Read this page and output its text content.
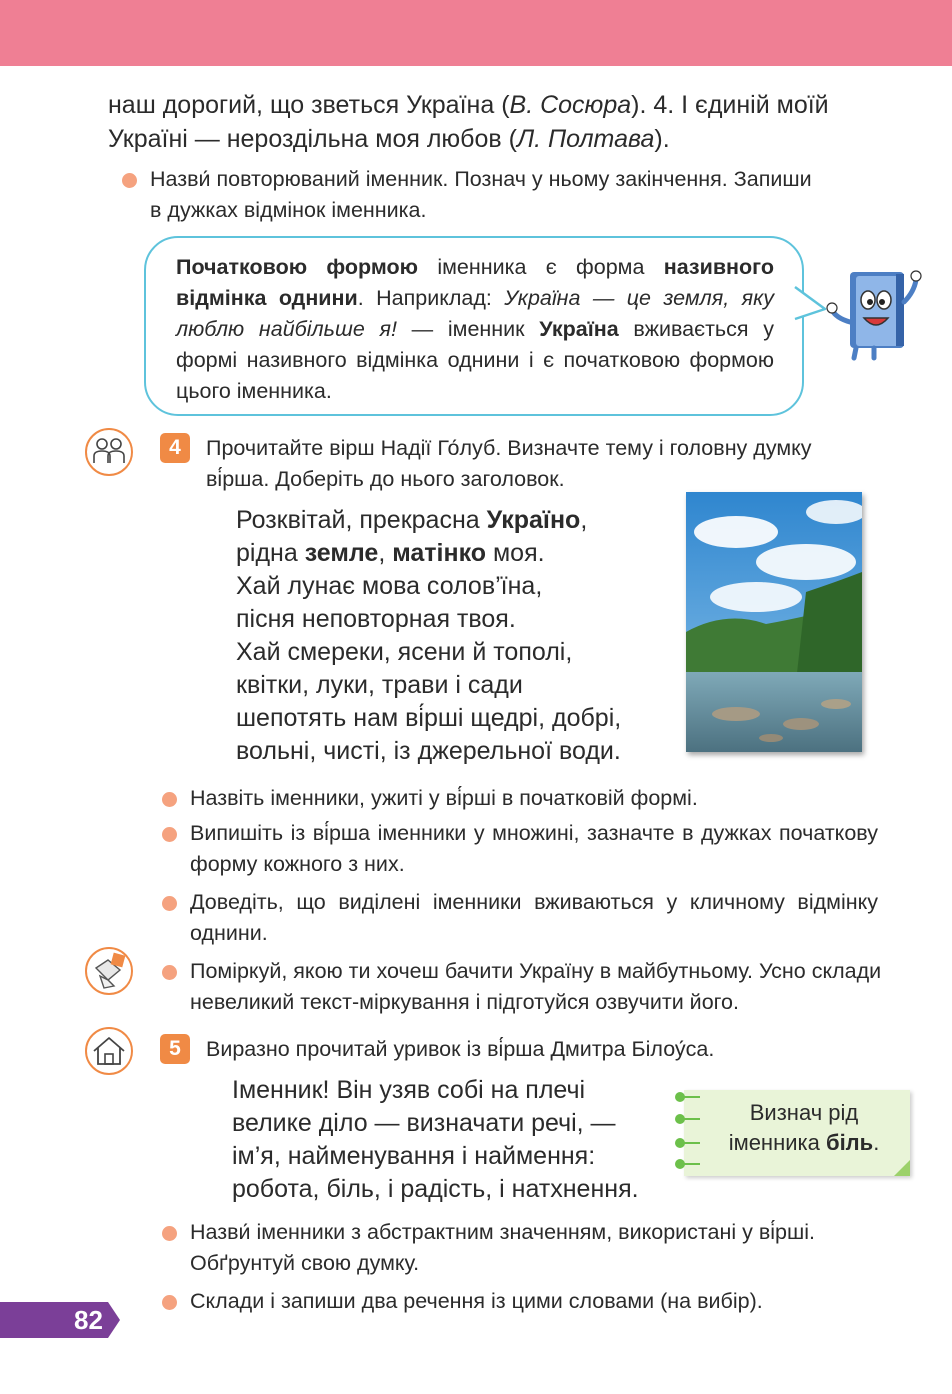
наш дорогий, що зветься Україна (В. Сосюра). 4. І єдиній моїй
Україні — нероздільна моя любов (Л. Полтава).
Назви́ повторюваний іменник. Познач у ньому закінчення. Запиши
в дужках відмінок іменника.
Початковою формою іменника є форма називного відмінка однини. Наприклад: Україна — це земля, яку люблю найбільше я! — іменник Україна вживається у формі називного відмінка однини і є початковою формою цього іменника.
4	Прочитайте вірш Надії Го́луб. Визначте тему і головну думку
ві́рша. Доберіть до нього заголовок.
Розквітай, прекрасна Україно,
рідна земле, матінко моя.
Хай лунає мова солов’їна,
пісня неповторная твоя.
Хай смереки, ясени й тополі,
квітки, луки, трави і сади
шепотять нам ві́рші щедрі, добрі,
вольні, чисті, із джерельної води.
Назвіть іменники, ужиті у ві́рші в початковій формі.
Випишіть із ві́рша іменники у множині, зазначте в дужках початкову форму кожного з них.
Доведіть, що виділені іменники вживаються у кличному відмінку однини.
Поміркуй, якою ти хочеш бачити Україну в майбутньому. Усно склади невеликий текст-міркування і підготуйся озвучити його.
5	Виразно прочитай уривок із ві́рша Дмитра Білоу́са.
Іменник! Він узяв собі на плечі
велике діло — визначати речі, —
ім’я, найменування і наймення:
робота, біль, і радість, і натхнення.
Визнач рід
іменника біль.
Назви́ іменники з абстрактним значенням, використані у ві́рші. Обґрунтуй свою думку.
Склади і запиши два речення із цими словами (на вибір).
82
